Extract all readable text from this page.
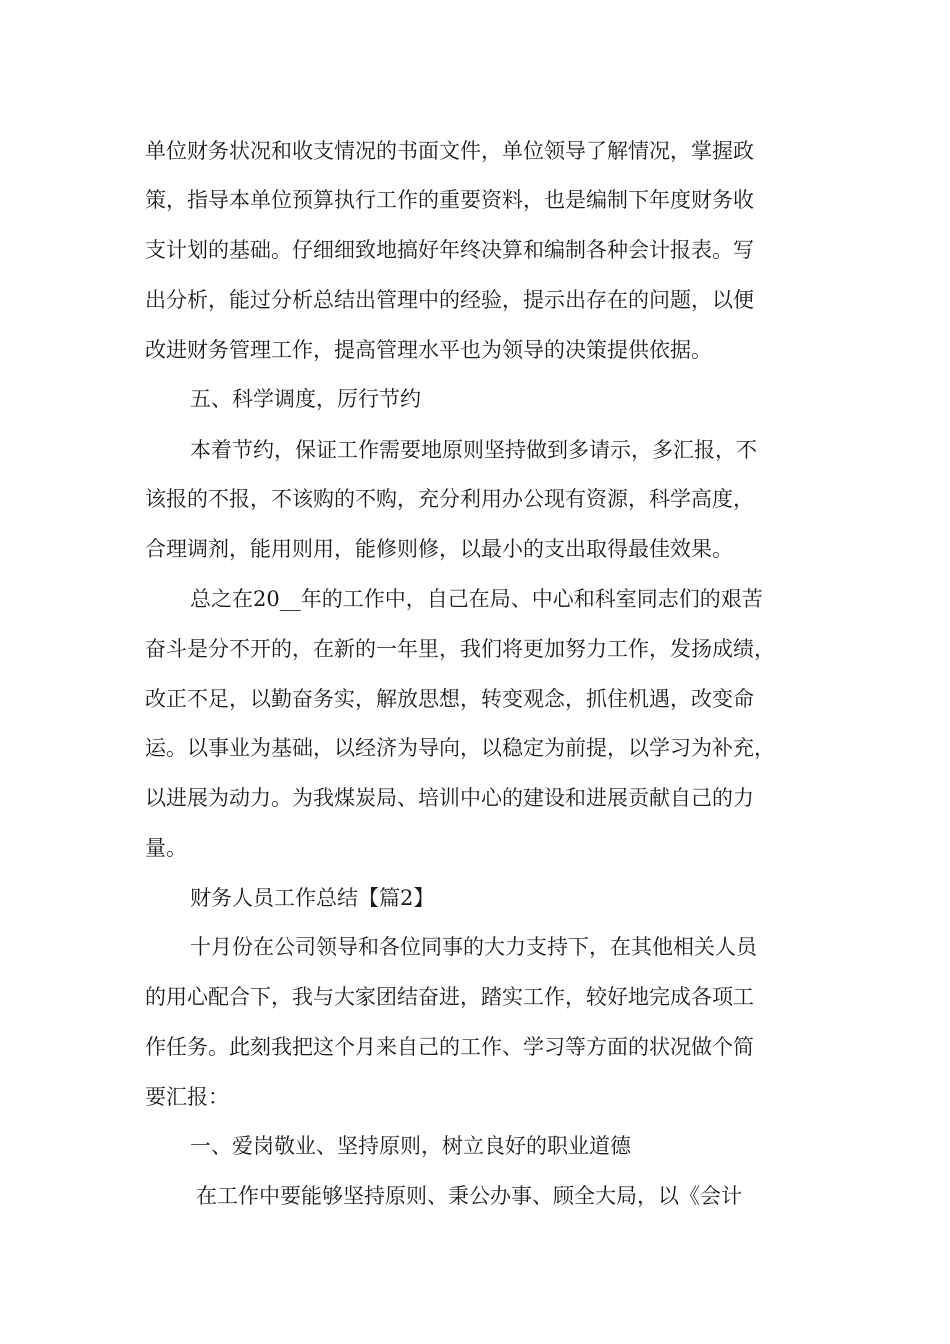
单位财务状况和收支情况的书面文件，单位领导了解情况，掌握政
策，指导本单位预算执行工作的重要资料，也是编制下年度财务收
支计划的基础。仔细细致地搞好年终决算和编制各种会计报表。写
出分析，能过分析总结出管理中的经验，提示出存在的问题，以便
改进财务管理工作，提高管理水平也为领导的决策提供依据。
五、科学调度，厉行节约
本着节约，保证工作需要地原则坚持做到多请示，多汇报，不
该报的不报，不该购的不购，充分利用办公现有资源，科学高度，
合理调剂，能用则用，能修则修，以最小的支出取得最佳效果。
总之在20__年的工作中，自己在局、中心和科室同志们的艰苦
奋斗是分不开的，在新的一年里，我们将更加努力工作，发扬成绩，
改正不足，以勤奋务实，解放思想，转变观念，抓住机遇，改变命
运。以事业为基础，以经济为导向，以稳定为前提，以学习为补充，
以进展为动力。为我煤炭局、培训中心的建设和进展贡献自己的力
量。
财务人员工作总结【篇2】
十月份在公司领导和各位同事的大力支持下，在其他相关人员
的用心配合下，我与大家团结奋进，踏实工作，较好地完成各项工
作任务。此刻我把这个月来自己的工作、学习等方面的状况做个简
要汇报：
一、爱岗敬业、坚持原则，树立良好的职业道德
在工作中要能够坚持原则、秉公办事、顾全大局，以《会计
